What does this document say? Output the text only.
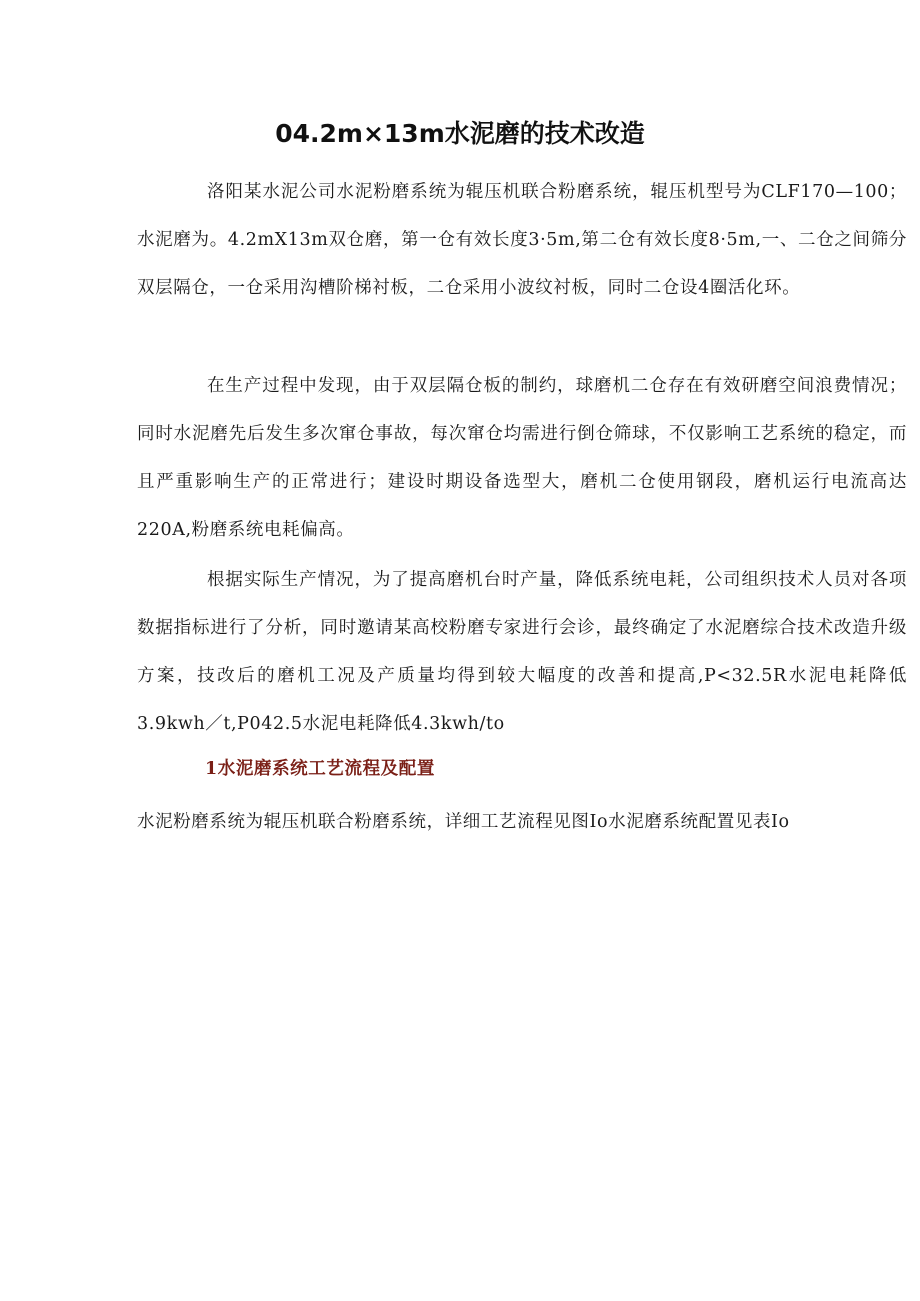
04.2m×13m水泥磨的技术改造

洛阳某水泥公司水泥粉磨系统为辊压机联合粉磨系统，辊压机型号为CLF170—100；水泥磨为。4.2mX13m双仓磨，第一仓有效长度3·5m,第二仓有效长度8·5m,一、二仓之间筛分双层隔仓，一仓采用沟槽阶梯衬板，二仓采用小波纹衬板，同时二仓设4圈活化环。

在生产过程中发现，由于双层隔仓板的制约，球磨机二仓存在有效研磨空间浪费情况；同时水泥磨先后发生多次窜仓事故，每次窜仓均需进行倒仓筛球，不仅影响工艺系统的稳定，而且严重影响生产的正常进行；建设时期设备选型大，磨机二仓使用钢段，磨机运行电流高达220A,粉磨系统电耗偏高。

根据实际生产情况，为了提高磨机台时产量，降低系统电耗，公司组织技术人员对各项数据指标进行了分析，同时邀请某高校粉磨专家进行会诊，最终确定了水泥磨综合技术改造升级方案，技改后的磨机工况及产质量均得到较大幅度的改善和提高,P<32.5R水泥电耗降低3.9kwh／t,P042.5水泥电耗降低4.3kwh/to

1水泥磨系统工艺流程及配置

水泥粉磨系统为辊压机联合粉磨系统，详细工艺流程见图Io水泥磨系统配置见表Io
